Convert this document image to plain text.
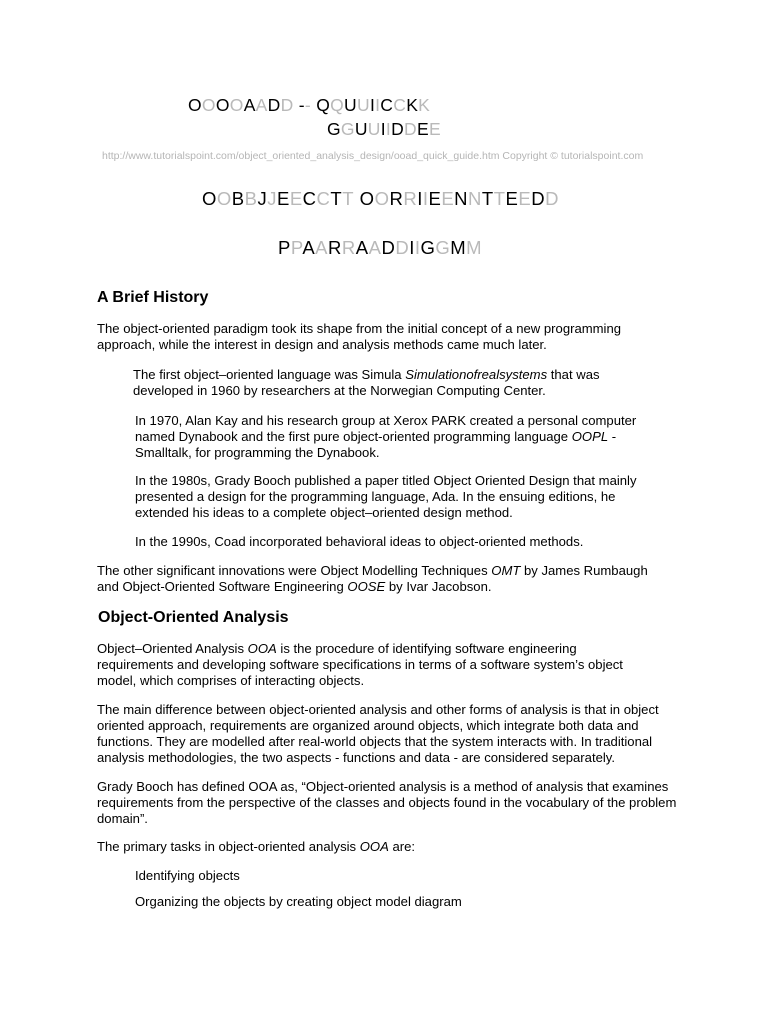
OOOOAADD -- QQUUIICCKK
GGUUIIDDEE
http://www.tutorialspoint.com/object_oriented_analysis_design/ooad_quick_guide.htm Copyright © tutorialspoint.com
OOBBJJEECCTT OORRIIEENNTTEEDD
PPAARRAADDIIGGMM
A Brief History

The object-oriented paradigm took its shape from the initial concept of a new programming approach, while the interest in design and analysis methods came much later.

The first object–oriented language was Simula Simulationofrealsystems that was developed in 1960 by researchers at the Norwegian Computing Center.

In 1970, Alan Kay and his research group at Xerox PARK created a personal computer named Dynabook and the first pure object-oriented programming language OOPL - Smalltalk, for programming the Dynabook.

In the 1980s, Grady Booch published a paper titled Object Oriented Design that mainly presented a design for the programming language, Ada. In the ensuing editions, he extended his ideas to a complete object–oriented design method.

In the 1990s, Coad incorporated behavioral ideas to object-oriented methods.

The other significant innovations were Object Modelling Techniques OMT by James Rumbaugh and Object-Oriented Software Engineering OOSE by Ivar Jacobson.

Object-Oriented Analysis

Object–Oriented Analysis OOA is the procedure of identifying software engineering requirements and developing software specifications in terms of a software system’s object model, which comprises of interacting objects.

The main difference between object-oriented analysis and other forms of analysis is that in object oriented approach, requirements are organized around objects, which integrate both data and functions. They are modelled after real-world objects that the system interacts with. In traditional analysis methodologies, the two aspects - functions and data - are considered separately.

Grady Booch has defined OOA as, “Object-oriented analysis is a method of analysis that examines requirements from the perspective of the classes and objects found in the vocabulary of the problem domain”.

The primary tasks in object-oriented analysis OOA are:

Identifying objects

Organizing the objects by creating object model diagram
